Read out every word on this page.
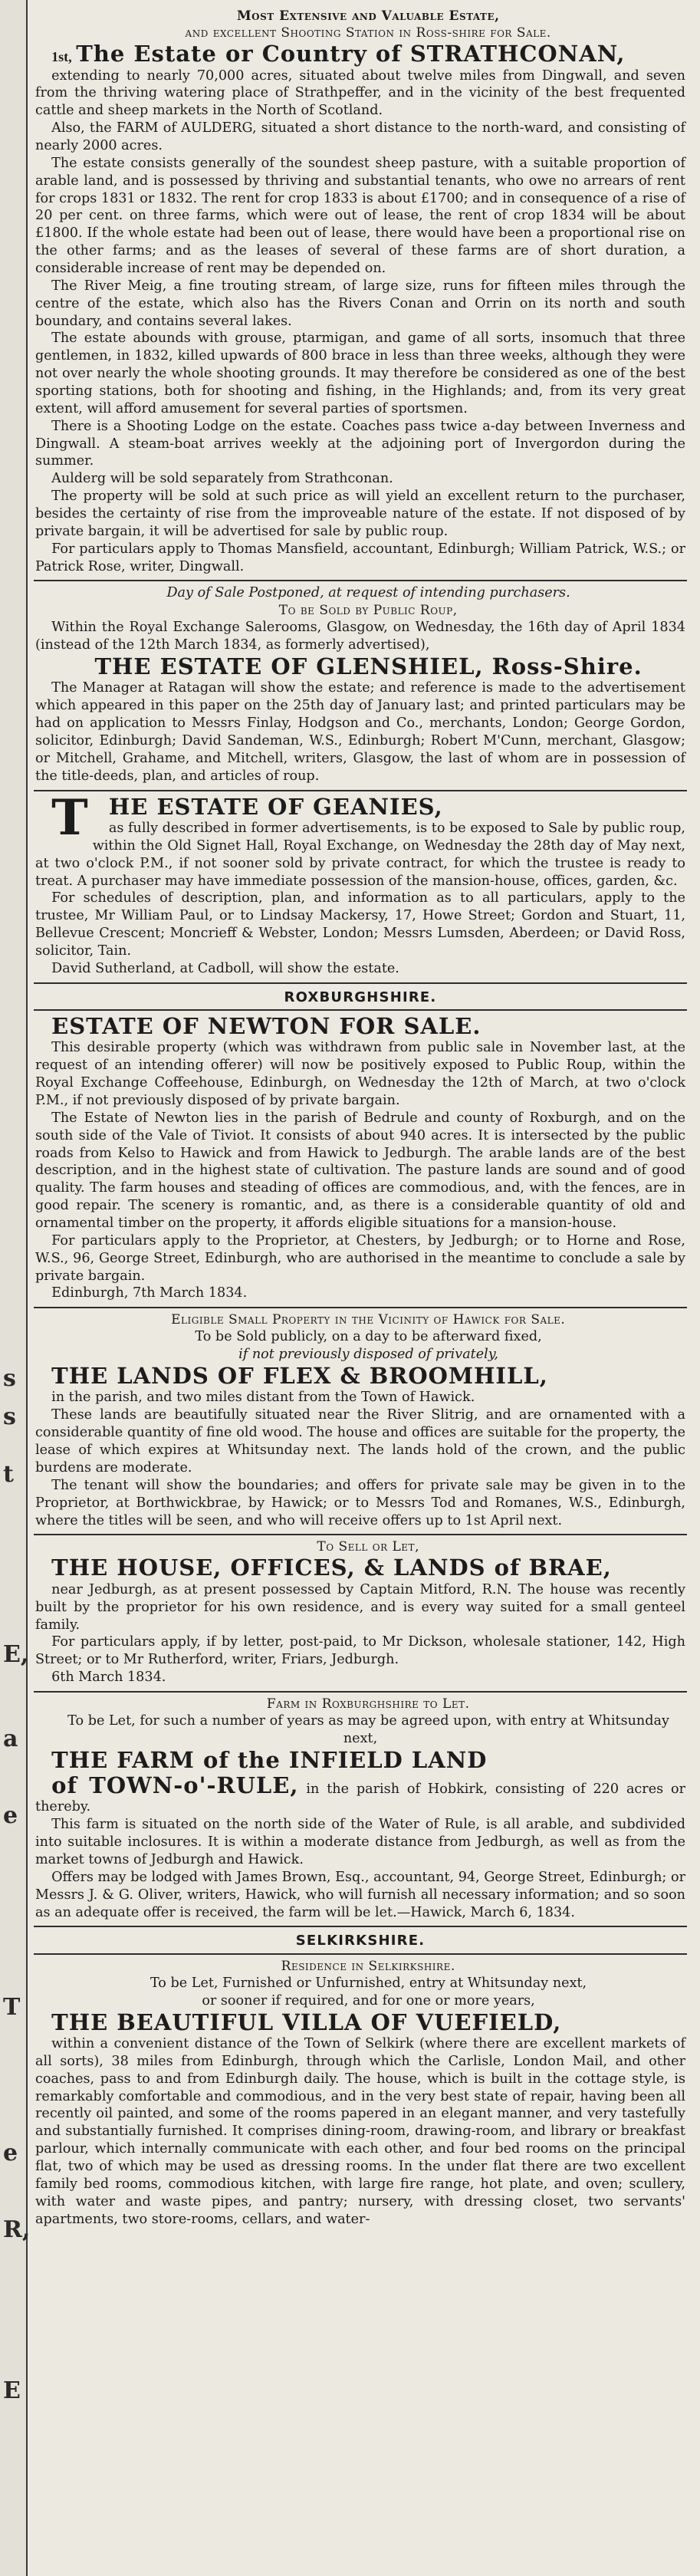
s
s
t
E,
a
e
T
e
R,
E

Most Extensive and Valuable Estate,

and excellent Shooting Station in Ross-shire for Sale.

1st, The Estate or Country of STRATHCONAN,

extending to nearly 70,000 acres, situated about twelve miles from Dingwall, and seven from the thriving watering place of Strathpeffer, and in the vicinity of the best frequented cattle and sheep markets in the North of Scotland.

Also, the FARM of AULDERG, situated a short distance to the north-ward, and consisting of nearly 2000 acres.

The estate consists generally of the soundest sheep pasture, with a suitable proportion of arable land, and is possessed by thriving and substantial tenants, who owe no arrears of rent for crops 1831 or 1832. The rent for crop 1833 is about £1700; and in consequence of a rise of 20 per cent. on three farms, which were out of lease, the rent of crop 1834 will be about £1800. If the whole estate had been out of lease, there would have been a proportional rise on the other farms; and as the leases of several of these farms are of short duration, a considerable increase of rent may be depended on.

The River Meig, a fine trouting stream, of large size, runs for fifteen miles through the centre of the estate, which also has the Rivers Conan and Orrin on its north and south boundary, and contains several lakes.

The estate abounds with grouse, ptarmigan, and game of all sorts, insomuch that three gentlemen, in 1832, killed upwards of 800 brace in less than three weeks, although they were not over nearly the whole shooting grounds. It may therefore be considered as one of the best sporting stations, both for shooting and fishing, in the Highlands; and, from its very great extent, will afford amusement for several parties of sportsmen.

There is a Shooting Lodge on the estate. Coaches pass twice a-day between Inverness and Dingwall. A steam-boat arrives weekly at the adjoining port of Invergordon during the summer.

Aulderg will be sold separately from Strathconan.

The property will be sold at such price as will yield an excellent return to the purchaser, besides the certainty of rise from the improveable nature of the estate. If not disposed of by private bargain, it will be advertised for sale by public roup.

For particulars apply to Thomas Mansfield, accountant, Edinburgh; William Patrick, W.S.; or Patrick Rose, writer, Dingwall.

Day of Sale Postponed, at request of intending purchasers.

To be Sold by Public Roup,

Within the Royal Exchange Salerooms, Glasgow, on Wednesday, the 16th day of April 1834 (instead of the 12th March 1834, as formerly advertised),

THE ESTATE OF GLENSHIEL, Ross-Shire.

The Manager at Ratagan will show the estate; and reference is made to the advertisement which appeared in this paper on the 25th day of January last; and printed particulars may be had on application to Messrs Finlay, Hodgson and Co., merchants, London; George Gordon, solicitor, Edinburgh; David Sandeman, W.S., Edinburgh; Robert M'Cunn, merchant, Glasgow; or Mitchell, Grahame, and Mitchell, writers, Glasgow, the last of whom are in possession of the title-deeds, plan, and articles of roup.

T HE ESTATE OF GEANIES,

as fully described in former advertisements, is to be exposed to Sale by public roup, within the Old Signet Hall, Royal Exchange, on Wednesday the 28th day of May next, at two o'clock P.M., if not sooner sold by private contract, for which the trustee is ready to treat. A purchaser may have immediate possession of the mansion-house, offices, garden, &c.

For schedules of description, plan, and information as to all particulars, apply to the trustee, Mr William Paul, or to Lindsay Mackersy, 17, Howe Street; Gordon and Stuart, 11, Bellevue Crescent; Moncrieff & Webster, London; Messrs Lumsden, Aberdeen; or David Ross, solicitor, Tain.

David Sutherland, at Cadboll, will show the estate.

ROXBURGHSHIRE.

ESTATE OF NEWTON FOR SALE.

This desirable property (which was withdrawn from public sale in November last, at the request of an intending offerer) will now be positively exposed to Public Roup, within the Royal Exchange Coffeehouse, Edinburgh, on Wednesday the 12th of March, at two o'clock P.M., if not previously disposed of by private bargain.

The Estate of Newton lies in the parish of Bedrule and county of Roxburgh, and on the south side of the Vale of Tiviot. It consists of about 940 acres. It is intersected by the public roads from Kelso to Hawick and from Hawick to Jedburgh. The arable lands are of the best description, and in the highest state of cultivation. The pasture lands are sound and of good quality. The farm houses and steading of offices are commodious, and, with the fences, are in good repair. The scenery is romantic, and, as there is a considerable quantity of old and ornamental timber on the property, it affords eligible situations for a mansion-house.

For particulars apply to the Proprietor, at Chesters, by Jedburgh; or to Horne and Rose, W.S., 96, George Street, Edinburgh, who are authorised in the meantime to conclude a sale by private bargain.

Edinburgh, 7th March 1834.

Eligible Small Property in the Vicinity of Hawick for Sale.

To be Sold publicly, on a day to be afterward fixed,

if not previously disposed of privately,

THE LANDS OF FLEX & BROOMHILL,

in the parish, and two miles distant from the Town of Hawick.

These lands are beautifully situated near the River Slitrig, and are ornamented with a considerable quantity of fine old wood. The house and offices are suitable for the property, the lease of which expires at Whitsunday next. The lands hold of the crown, and the public burdens are moderate.

The tenant will show the boundaries; and offers for private sale may be given in to the Proprietor, at Borthwickbrae, by Hawick; or to Messrs Tod and Romanes, W.S., Edinburgh, where the titles will be seen, and who will receive offers up to 1st April next.

To Sell or Let,

THE HOUSE, OFFICES, & LANDS of BRAE,

near Jedburgh, as at present possessed by Captain Mitford, R.N. The house was recently built by the proprietor for his own residence, and is every way suited for a small genteel family.

For particulars apply, if by letter, post-paid, to Mr Dickson, wholesale stationer, 142, High Street; or to Mr Rutherford, writer, Friars, Jedburgh.

6th March 1834.

Farm in Roxburghshire to Let.

To be Let, for such a number of years as may be agreed upon, with entry at Whitsunday next,

THE FARM of the INFIELD LAND

of TOWN-o'-RULE, in the parish of Hobkirk, consisting of 220 acres or thereby.

This farm is situated on the north side of the Water of Rule, is all arable, and subdivided into suitable inclosures. It is within a moderate distance from Jedburgh, as well as from the market towns of Jedburgh and Hawick.

Offers may be lodged with James Brown, Esq., accountant, 94, George Street, Edinburgh; or Messrs J. & G. Oliver, writers, Hawick, who will furnish all necessary information; and so soon as an adequate offer is received, the farm will be let.—Hawick, March 6, 1834.

SELKIRKSHIRE.

Residence in Selkirkshire.

To be Let, Furnished or Unfurnished, entry at Whitsunday next,

or sooner if required, and for one or more years,

THE BEAUTIFUL VILLA OF VUEFIELD,

within a convenient distance of the Town of Selkirk (where there are excellent markets of all sorts), 38 miles from Edinburgh, through which the Carlisle, London Mail, and other coaches, pass to and from Edinburgh daily. The house, which is built in the cottage style, is remarkably comfortable and commodious, and in the very best state of repair, having been all recently oil painted, and some of the rooms papered in an elegant manner, and very tastefully and substantially furnished. It comprises dining-room, drawing-room, and library or breakfast parlour, which internally communicate with each other, and four bed rooms on the principal flat, two of which may be used as dressing rooms. In the under flat there are two excellent family bed rooms, commodious kitchen, with large fire range, hot plate, and oven; scullery, with water and waste pipes, and pantry; nursery, with dressing closet, two servants' apartments, two store-rooms, cellars, and water-
